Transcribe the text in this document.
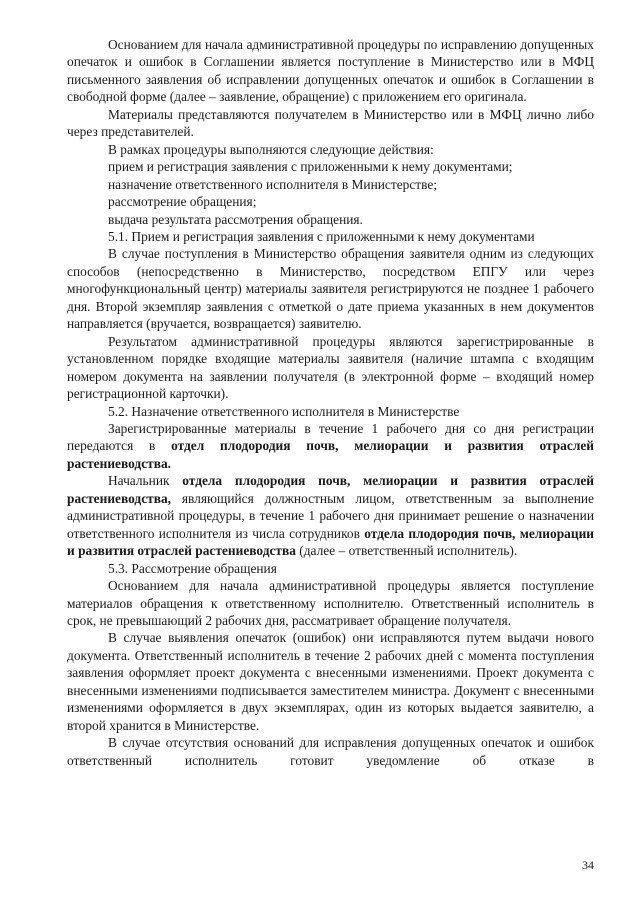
Основанием для начала административной процедуры по исправлению допущенных опечаток и ошибок в Соглашении является поступление в Министерство или в МФЦ письменного заявления об исправлении допущенных опечаток и ошибок в Соглашении в свободной форме (далее – заявление, обращение) с приложением его оригинала.

Материалы представляются получателем в Министерство или в МФЦ лично либо через представителей.

В рамках процедуры выполняются следующие действия:

прием и регистрация заявления с приложенными к нему документами;

назначение ответственного исполнителя в Министерстве;

рассмотрение обращения;

выдача результата рассмотрения обращения.

5.1. Прием и регистрация заявления с приложенными к нему документами

В случае поступления в Министерство обращения заявителя одним из следующих способов (непосредственно в Министерство, посредством ЕПГУ или через многофункциональный центр) материалы заявителя регистрируются не позднее 1 рабочего дня. Второй экземпляр заявления с отметкой о дате приема указанных в нем документов направляется (вручается, возвращается) заявителю.

Результатом административной процедуры являются зарегистрированные в установленном порядке входящие материалы заявителя (наличие штампа с входящим номером документа на заявлении получателя (в электронной форме – входящий номер регистрационной карточки).

5.2. Назначение ответственного исполнителя в Министерстве

Зарегистрированные материалы в течение 1 рабочего дня со дня регистрации передаются в отдел плодородия почв, мелиорации и развития отраслей растениеводства.

Начальник отдела плодородия почв, мелиорации и развития отраслей растениеводства, являющийся должностным лицом, ответственным за выполнение административной процедуры, в течение 1 рабочего дня принимает решение о назначении ответственного исполнителя из числа сотрудников отдела плодородия почв, мелиорации и развития отраслей растениеводства (далее – ответственный исполнитель).

5.3. Рассмотрение обращения

Основанием для начала административной процедуры является поступление материалов обращения к ответственному исполнителю. Ответственный исполнитель в срок, не превышающий 2 рабочих дня, рассматривает обращение получателя.

В случае выявления опечаток (ошибок) они исправляются путем выдачи нового документа. Ответственный исполнитель в течение 2 рабочих дней с момента поступления заявления оформляет проект документа с внесенными изменениями. Проект документа с внесенными изменениями подписывается заместителем министра. Документ с внесенными изменениями оформляется в двух экземплярах, один из которых выдается заявителю, а второй хранится в Министерстве.

В случае отсутствия оснований для исправления допущенных опечаток и ошибок ответственный исполнитель готовит уведомление об отказе в

34
